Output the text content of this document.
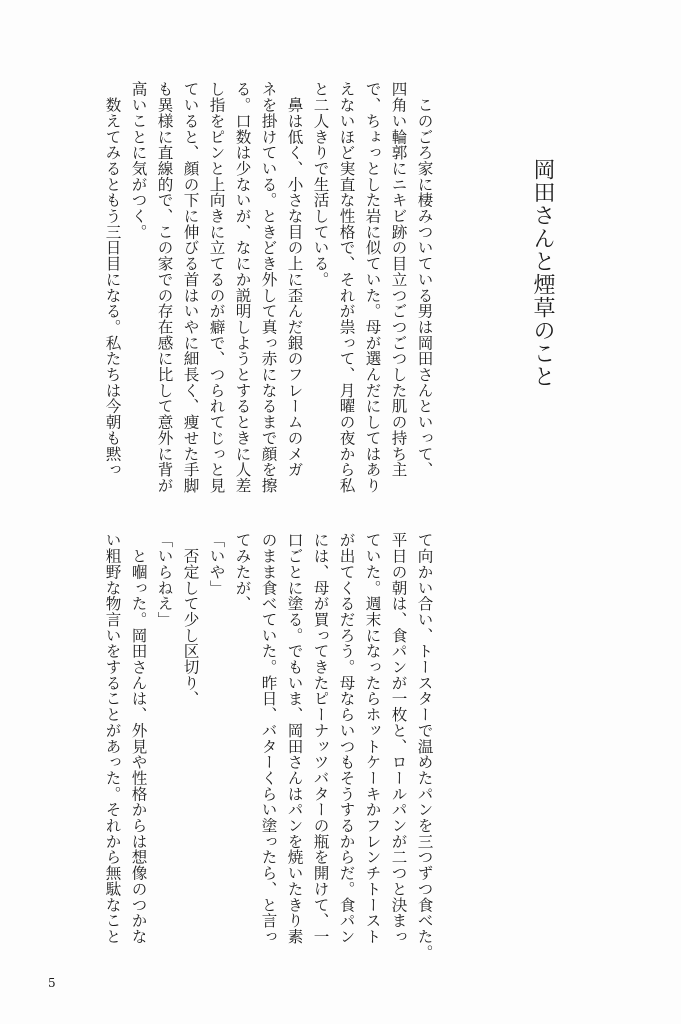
岡田さんと煙草のこと
　このごろ家に棲みついている男は岡田さんといって、
四角い輪郭にニキビ跡の目立つごつごつした肌の持ち主
で、ちょっとした岩に似ていた。母が選んだにしてはあり
えないほど実直な性格で、それが祟って、月曜の夜から私
と二人きりで生活している。
　鼻は低く、小さな目の上に歪んだ銀のフレームのメガ
ネを掛けている。ときどき外して真っ赤になるまで顔を擦
る。口数は少ないが、なにか説明しようとするときに人差
し指をピンと上向きに立てるのが癖で、つられてじっと見
ていると、顔の下に伸びる首はいやに細長く、痩せた手脚
も異様に直線的で、この家での存在感に比して意外に背が
高いことに気がつく。
　数えてみるともう三日目になる。私たちは今朝も黙っ
て向かい合い、トースターで温めたパンを三つずつ食べた。
平日の朝は、食パンが一枚と、ロールパンが二つと決まっ
ていた。週末になったらホットケーキかフレンチトースト
が出てくるだろう。母ならいつもそうするからだ。食パン
には、母が買ってきたピーナッツバターの瓶を開けて、一
口ごとに塗る。でもいま、岡田さんはパンを焼いたきり素
のまま食べていた。昨日、バターくらい塗ったら、と言っ
てみたが、
「いや」
　否定して少し区切り、
「いらねえ」
　と嗰った。岡田さんは、外見や性格からは想像のつかな
い粗野な物言いをすることがあった。それから無駄なこと
5
